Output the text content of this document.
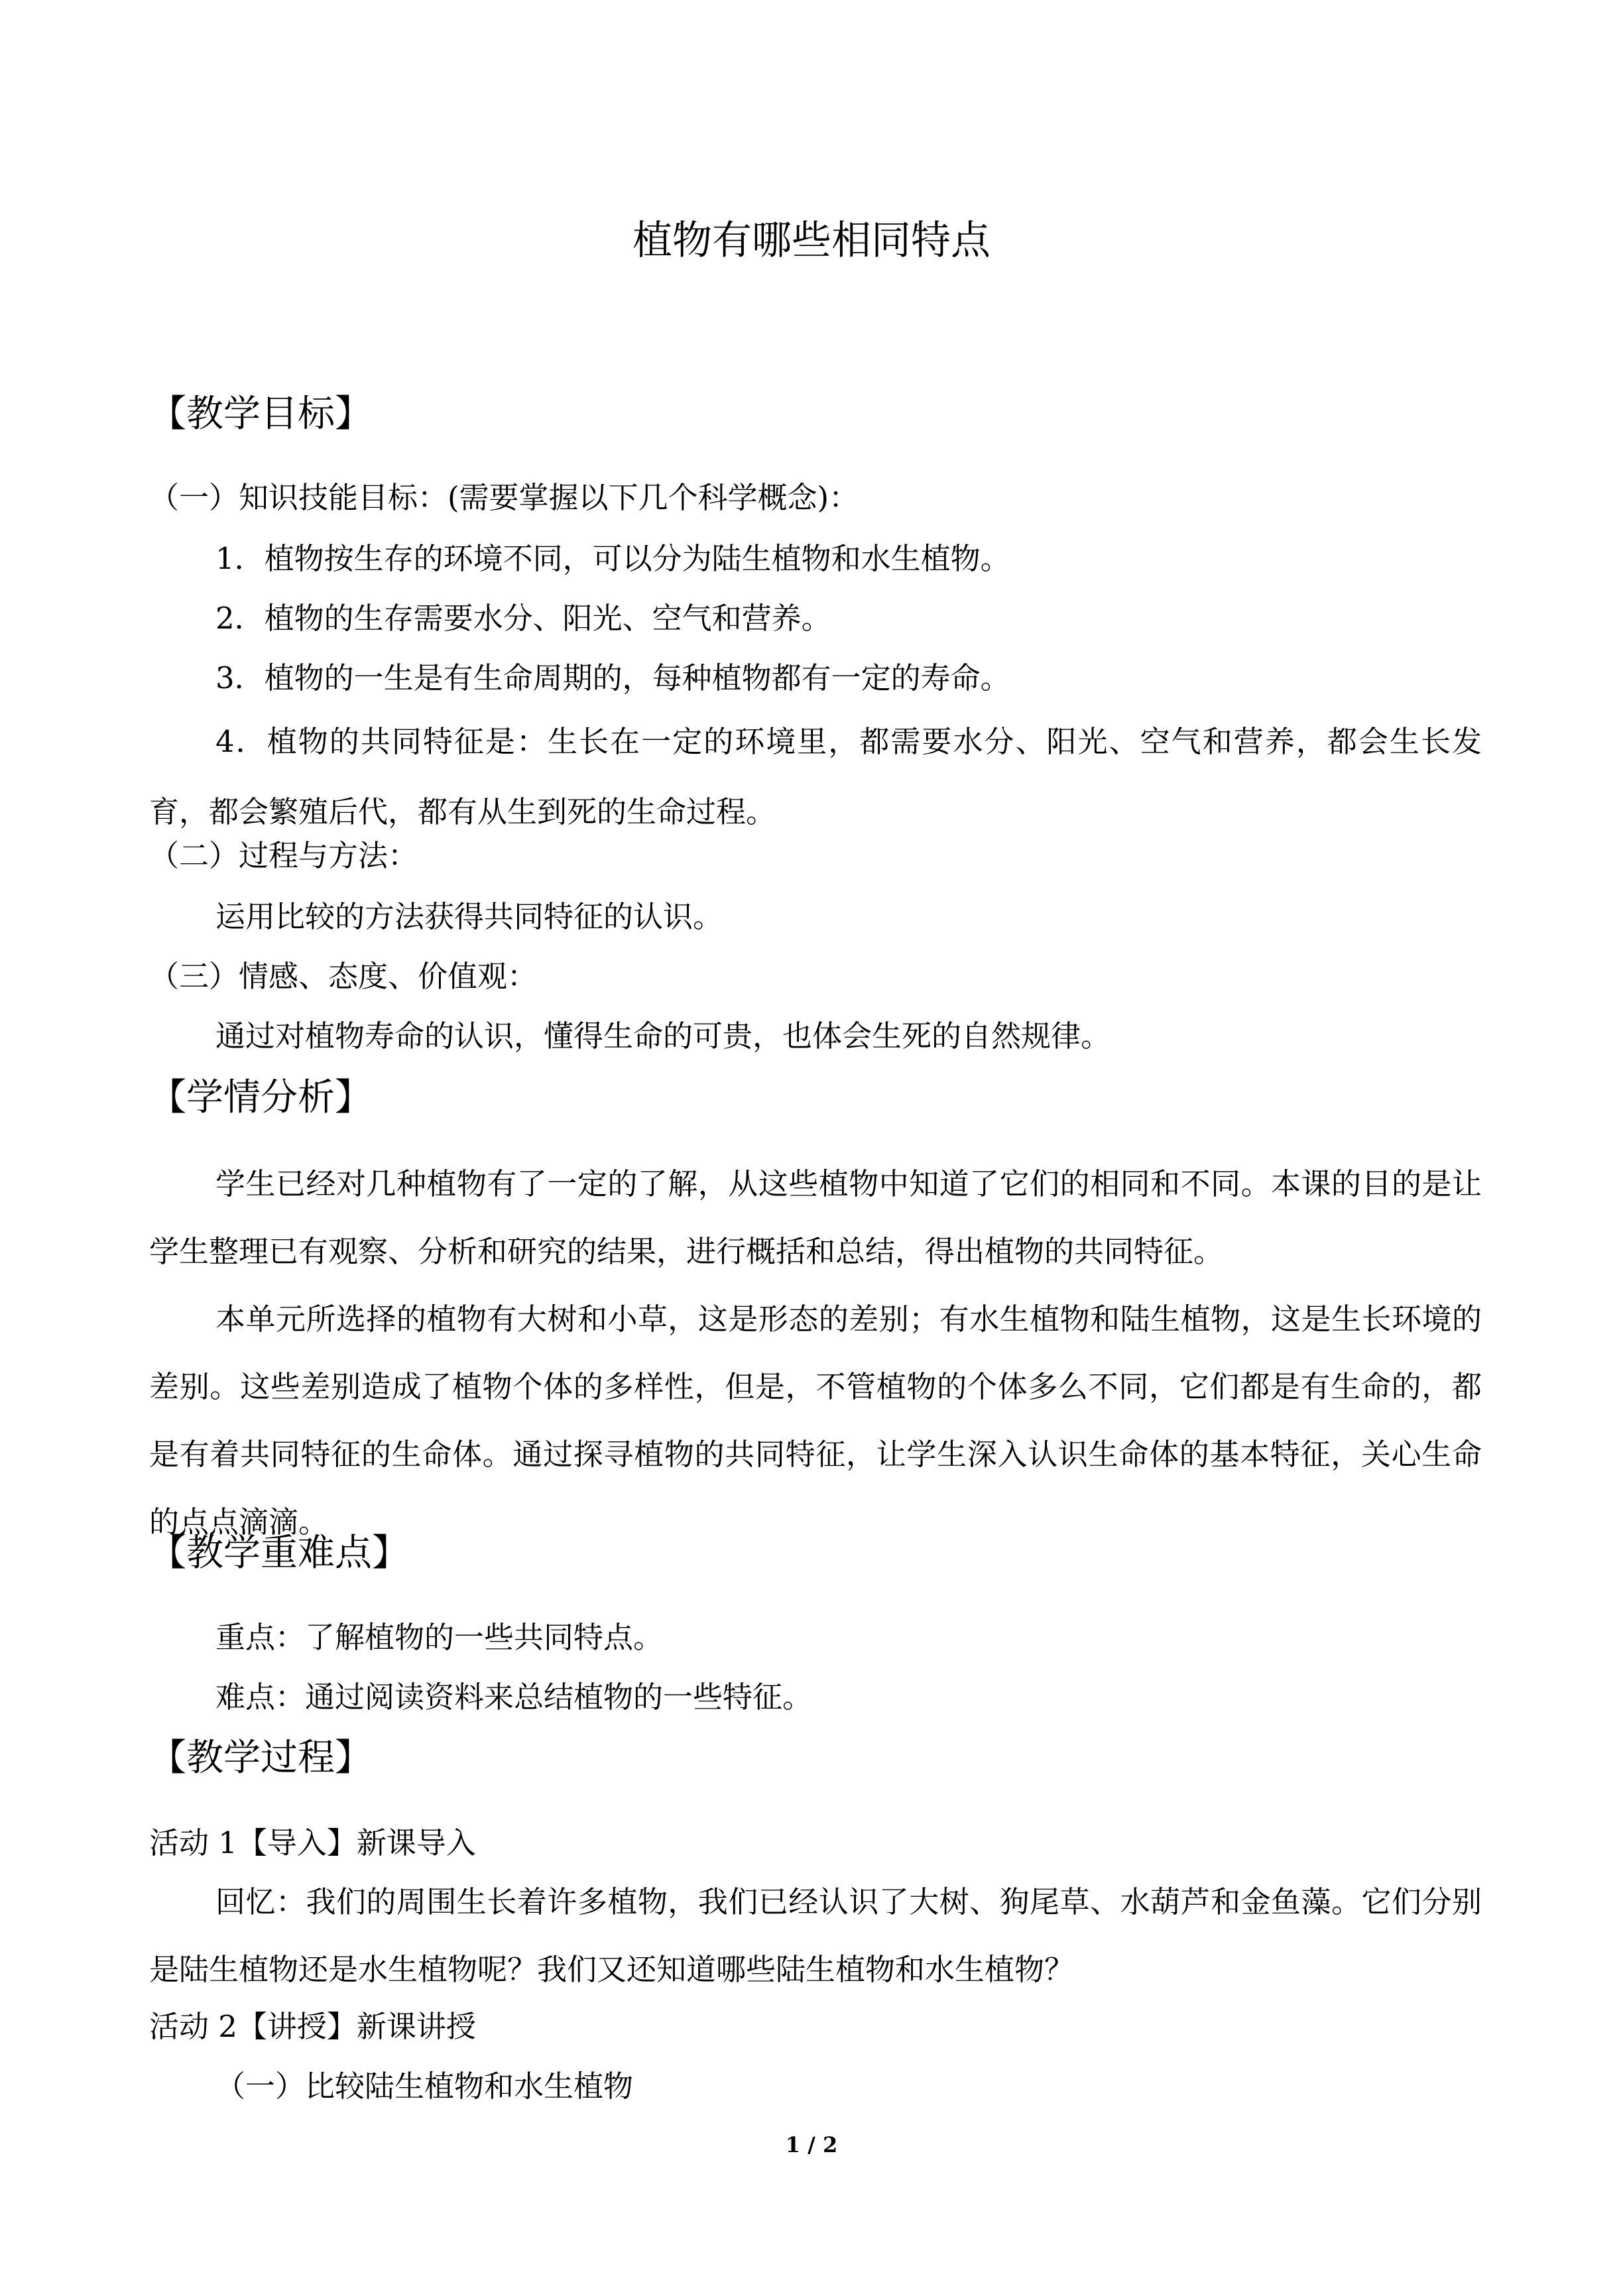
植物有哪些相同特点
【教学目标】
（一）知识技能目标：(需要掌握以下几个科学概念)：
1．植物按生存的环境不同，可以分为陆生植物和水生植物。
2．植物的生存需要水分、阳光、空气和营养。
3．植物的一生是有生命周期的，每种植物都有一定的寿命。
4．植物的共同特征是：生长在一定的环境里，都需要水分、阳光、空气和营养，都会生长发育，都会繁殖后代，都有从生到死的生命过程。
（二）过程与方法：
运用比较的方法获得共同特征的认识。
（三）情感、态度、价值观：
通过对植物寿命的认识，懂得生命的可贵，也体会生死的自然规律。
【学情分析】
学生已经对几种植物有了一定的了解，从这些植物中知道了它们的相同和不同。本课的目的是让学生整理已有观察、分析和研究的结果，进行概括和总结，得出植物的共同特征。
本单元所选择的植物有大树和小草，这是形态的差别；有水生植物和陆生植物，这是生长环境的差别。这些差别造成了植物个体的多样性，但是，不管植物的个体多么不同，它们都是有生命的，都是有着共同特征的生命体。通过探寻植物的共同特征，让学生深入认识生命体的基本特征，关心生命的点点滴滴。
【教学重难点】
重点：了解植物的一些共同特点。
难点：通过阅读资料来总结植物的一些特征。
【教学过程】
活动 1【导入】新课导入
回忆：我们的周围生长着许多植物，我们已经认识了大树、狗尾草、水葫芦和金鱼藻。它们分别是陆生植物还是水生植物呢？我们又还知道哪些陆生植物和水生植物？
活动 2【讲授】新课讲授
（一）比较陆生植物和水生植物
1 / 2
